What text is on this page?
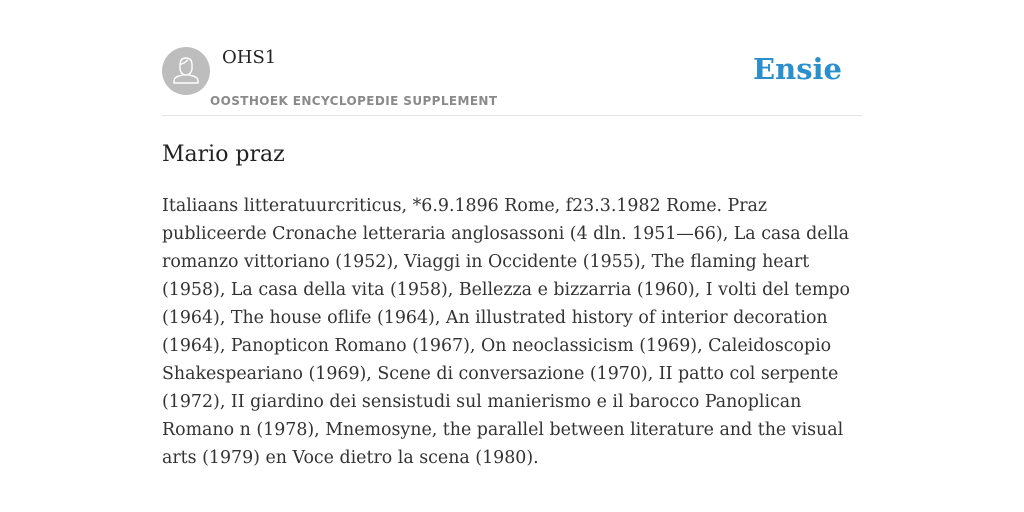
OHS1
OOSTHOEK ENCYCLOPEDIE SUPPLEMENT
Ensie
Mario praz

Italiaans litteratuurcriticus, *6.9.1896 Rome, f23.3.1982 Rome. Praz publiceerde Cronache letteraria anglosassoni (4 dln. 1951—66), La casa della romanzo vittoriano (1952), Viaggi in Occidente (1955), The flaming heart (1958), La casa della vita (1958), Bellezza e bizzarria (1960), I volti del tempo (1964), The house oflife (1964), An illustrated history of interior decoration (1964), Panopticon Romano (1967), On neoclassicism (1969), Caleidoscopio Shakespeariano (1969), Scene di conversazione (1970), II patto col serpente (1972), II giardino dei sensistudi sul manierismo e il barocco Panoplican Romano n (1978), Mnemosyne, the parallel between literature and the visual arts (1979) en Voce dietro la scena (1980).
